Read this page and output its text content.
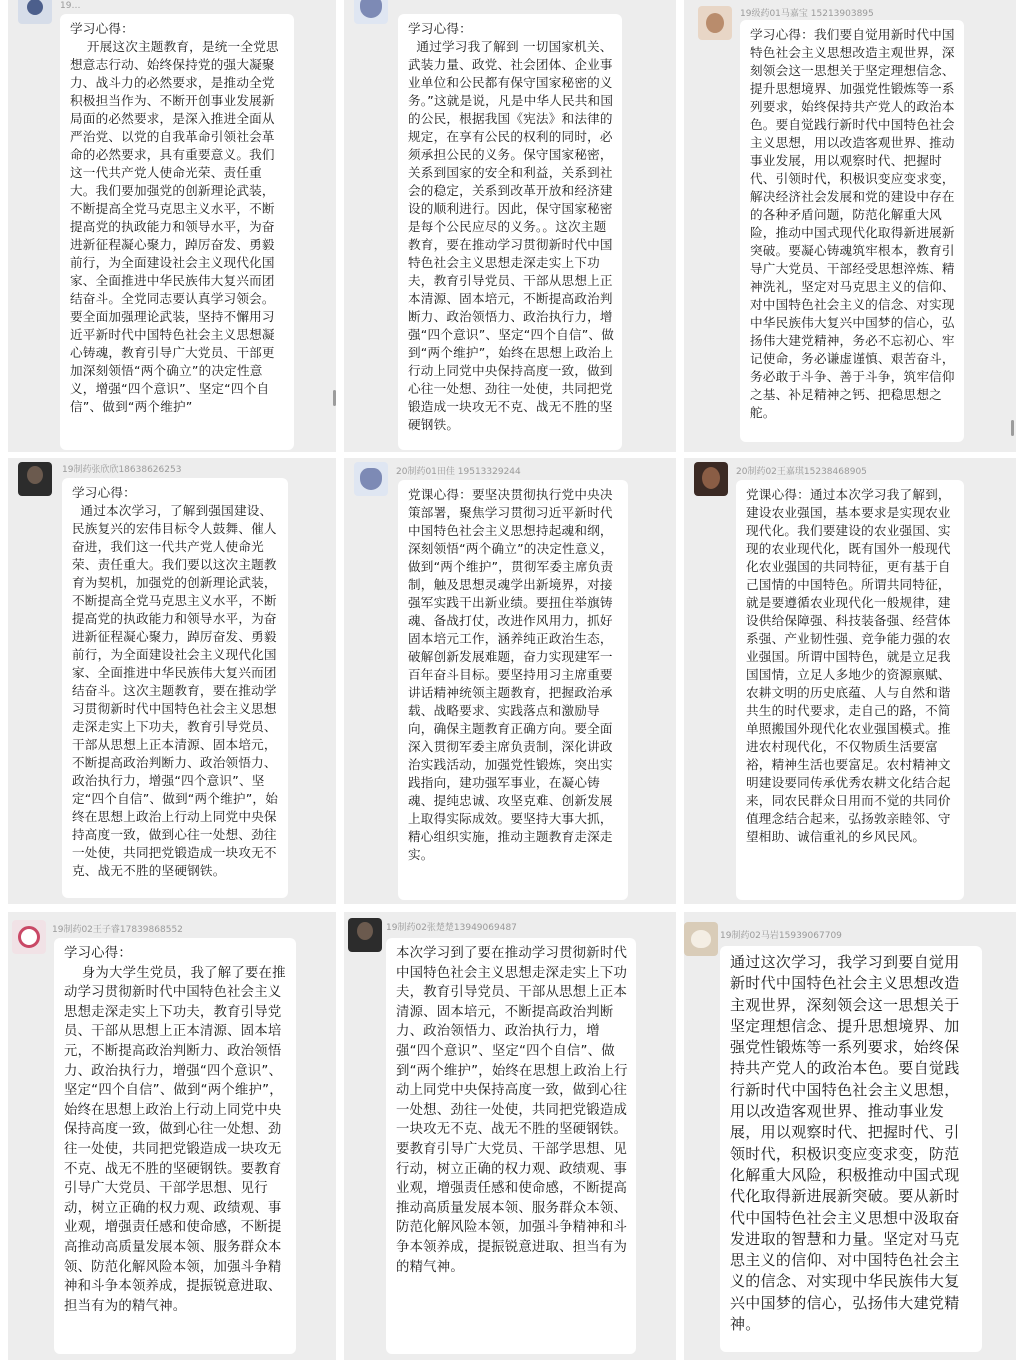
19…
学习心得：
开展这次主题教育，是统一全党思想意志行动、始终保持党的强大凝聚力、战斗力的必然要求，是推动全党积极担当作为、不断开创事业发展新局面的必然要求，是深入推进全面从严治党、以党的自我革命引领社会革命的必然要求，具有重要意义。我们这一代共产党人使命光荣、责任重大。我们要加强党的创新理论武装，不断提高全党马克思主义水平，不断提高党的执政能力和领导水平，为奋进新征程凝心聚力，踔厉奋发、勇毅前行，为全面建设社会主义现代化国家、全面推进中华民族伟大复兴而团结奋斗。全党同志要认真学习领会。要全面加强理论武装，坚持不懈用习近平新时代中国特色社会主义思想凝心铸魂，教育引导广大党员、干部更加深刻领悟“两个确立”的决定性意义，增强“四个意识”、坚定“四个自信”、做到“两个维护”
学习心得：
通过学习我了解到 一切国家机关、武装力量、政党、社会团体、企业事业单位和公民都有保守国家秘密的义务。”这就是说，凡是中华人民共和国的公民，根据我国《宪法》和法律的规定，在享有公民的权利的同时，必须承担公民的义务。保守国家秘密，关系到国家的安全和利益，关系到社会的稳定，关系到改革开放和经济建设的顺利进行。因此，保守国家秘密是每个公民应尽的义务。。这次主题教育，要在推动学习贯彻新时代中国特色社会主义思想走深走实上下功夫，教育引导党员、干部从思想上正本清源、固本培元，不断提高政治判断力、政治领悟力、政治执行力，增强“四个意识”、坚定“四个自信”、做到“两个维护”，始终在思想上政治上行动上同党中央保持高度一致，做到心往一处想、劲往一处使，共同把党锻造成一块攻无不克、战无不胜的坚硬钢铁。
19级药01马嘉宝 15213903895
学习心得：我们要自觉用新时代中国特色社会主义思想改造主观世界，深刻领会这一思想关于坚定理想信念、提升思想境界、加强党性锻炼等一系列要求，始终保持共产党人的政治本色。要自觉践行新时代中国特色社会主义思想，用以改造客观世界、推动事业发展，用以观察时代、把握时代、引领时代，积极识变应变求变，解决经济社会发展和党的建设中存在的各种矛盾问题，防范化解重大风险，推动中国式现代化取得新进展新突破。要凝心铸魂筑牢根本，教育引导广大党员、干部经受思想淬炼、精神洗礼，坚定对马克思主义的信仰、对中国特色社会主义的信念、对实现中华民族伟大复兴中国梦的信心，弘扬伟大建党精神，务必不忘初心、牢记使命，务必谦虚谨慎、艰苦奋斗，务必敢于斗争、善于斗争，筑牢信仰之基、补足精神之钙、把稳思想之舵。
19制药张欣欣18638626253
学习心得：
通过本次学习，了解到强国建设、民族复兴的宏伟目标令人鼓舞、催人奋进，我们这一代共产党人使命光荣、责任重大。我们要以这次主题教育为契机，加强党的创新理论武装，不断提高全党马克思主义水平，不断提高党的执政能力和领导水平，为奋进新征程凝心聚力，踔厉奋发、勇毅前行，为全面建设社会主义现代化国家、全面推进中华民族伟大复兴而团结奋斗。这次主题教育，要在推动学习贯彻新时代中国特色社会主义思想走深走实上下功夫，教育引导党员、干部从思想上正本清源、固本培元，不断提高政治判断力、政治领悟力、政治执行力，增强“四个意识”、坚定“四个自信”、做到“两个维护”，始终在思想上政治上行动上同党中央保持高度一致，做到心往一处想、劲往一处使，共同把党锻造成一块攻无不克、战无不胜的坚硬钢铁。
20制药01田佳 19513329244
党课心得：要坚决贯彻执行党中央决策部署，聚焦学习贯彻习近平新时代中国特色社会主义思想持起魂和纲，深刻领悟“两个确立”的决定性意义，做到“两个维护”，贯彻军委主席负责制，触及思想灵魂学出新境界，对接强军实践干出新业绩。要扭住举旗铸魂、备战打仗，改进作风用力，抓好固本培元工作，涵养纯正政治生态，破解创新发展难题，奋力实现建军一百年奋斗目标。要坚持用习主席重要讲话精神统领主题教育，把握政治承载、战略要求、实践落点和激励导向，确保主题教育正确方向。要全面深入贯彻军委主席负责制，深化讲政治实践活动，加强党性锻炼，突出实践指向，建功强军事业，在凝心铸魂、提纯忠诚、攻坚克难、创新发展上取得实际成效。要坚持大事大抓，精心组织实施，推动主题教育走深走实。
20制药02王嘉琪15238468905
党课心得：通过本次学习我了解到，建设农业强国，基本要求是实现农业现代化。我们要建设的农业强国、实现的农业现代化，既有国外一般现代化农业强国的共同特征，更有基于自己国情的中国特色。所谓共同特征，就是要遵循农业现代化一般规律，建设供给保障强、科技装备强、经营体系强、产业韧性强、竞争能力强的农业强国。所谓中国特色，就是立足我国国情，立足人多地少的资源禀赋、农耕文明的历史底蕴、人与自然和谐共生的时代要求，走自己的路，不简单照搬国外现代化农业强国模式。推进农村现代化，不仅物质生活要富裕，精神生活也要富足。农村精神文明建设要同传承优秀农耕文化结合起来，同农民群众日用而不觉的共同价值理念结合起来，弘扬敦亲睦邻、守望相助、诚信重礼的乡风民风。
19制药02王子睿17839868552
学习心得：
身为大学生党员，我了解了要在推动学习贯彻新时代中国特色社会主义思想走深走实上下功夫，教育引导党员、干部从思想上正本清源、固本培元，不断提高政治判断力、政治领悟力、政治执行力，增强“四个意识”、坚定“四个自信”、做到“两个维护”，始终在思想上政治上行动上同党中央保持高度一致，做到心往一处想、劲往一处使，共同把党锻造成一块攻无不克、战无不胜的坚硬钢铁。要教育引导广大党员、干部学思想、见行动，树立正确的权力观、政绩观、事业观，增强责任感和使命感，不断提高推动高质量发展本领、服务群众本领、防范化解风险本领，加强斗争精神和斗争本领养成，提振锐意进取、担当有为的精气神。
19制药02张楚楚13949069487
本次学习到了要在推动学习贯彻新时代中国特色社会主义思想走深走实上下功夫，教育引导党员、干部从思想上正本清源、固本培元，不断提高政治判断力、政治领悟力、政治执行力，增强“四个意识”、坚定“四个自信”、做到“两个维护”，始终在思想上政治上行动上同党中央保持高度一致，做到心往一处想、劲往一处使，共同把党锻造成一块攻无不克、战无不胜的坚硬钢铁。要教育引导广大党员、干部学思想、见行动，树立正确的权力观、政绩观、事业观，增强责任感和使命感，不断提高推动高质量发展本领、服务群众本领、防范化解风险本领，加强斗争精神和斗争本领养成，提振锐意进取、担当有为的精气神。
19制药02马岩15939067709
通过这次学习，我学习到要自觉用新时代中国特色社会主义思想改造主观世界，深刻领会这一思想关于坚定理想信念、提升思想境界、加强党性锻炼等一系列要求，始终保持共产党人的政治本色。要自觉践行新时代中国特色社会主义思想，用以改造客观世界、推动事业发展，用以观察时代、把握时代、引领时代，积极识变应变求变，防范化解重大风险，积极推动中国式现代化取得新进展新突破。要从新时代中国特色社会主义思想中汲取奋发进取的智慧和力量。坚定对马克思主义的信仰、对中国特色社会主义的信念、对实现中华民族伟大复兴中国梦的信心，弘扬伟大建党精神。
